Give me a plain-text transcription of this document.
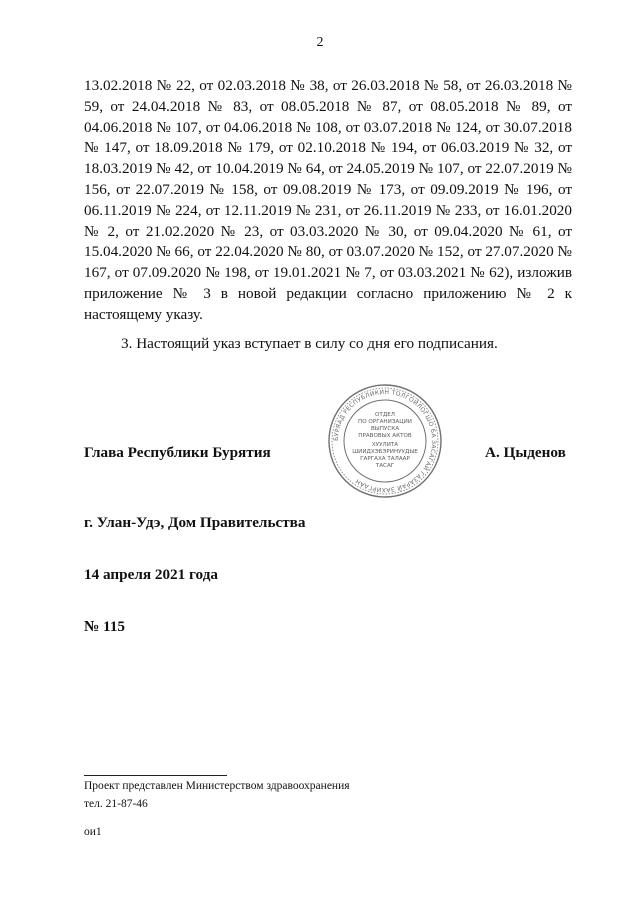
2

13.02.2018 № 22, от 02.03.2018 № 38, от 26.03.2018 № 58, от 26.03.2018 № 59, от 24.04.2018 № 83, от 08.05.2018 № 87, от 08.05.2018 № 89, от 04.06.2018 № 107, от 04.06.2018 № 108, от 03.07.2018 № 124, от 30.07.2018 № 147, от 18.09.2018 № 179, от 02.10.2018 № 194, от 06.03.2019 № 32, от 18.03.2019 № 42, от 10.04.2019 № 64, от 24.05.2019 № 107, от 22.07.2019 № 156, от 22.07.2019 № 158, от 09.08.2019 № 173, от 09.09.2019 № 196, от 06.11.2019 № 224, от 12.11.2019 № 231, от 26.11.2019 № 233, от 16.01.2020 № 2, от 21.02.2020 № 23, от 03.03.2020 № 30, от 09.04.2020 № 61, от 15.04.2020 № 66, от 22.04.2020 № 80, от 03.07.2020 № 152, от 27.07.2020 № 167, от 07.09.2020 № 198, от 19.01.2021 № 7, от 03.03.2021 № 62), изложив приложение № 3 в новой редакции согласно приложению № 2 к настоящему указу.

3. Настоящий указ вступает в силу со дня его подписания.

Глава Республики Бурятия
БУРЯАД РЕСПУБЛИКИН ТОЛГОЙЛОГШО БА ЗАСАГАЙ ГАЗАРАЙ ЗАХИРГААН
ОТДЕЛ
ПО ОРГАНИЗАЦИИ
ВЫПУСКА
ПРАВОВЫХ АКТОВ
ХУУЛИТА
ШИИДХЭБЭРИНУУДЫЕ
ГАРГАХА ТАЛААР
ТАСАГ
А. Цыденов
г. Улан-Удэ, Дом Правительства
14 апреля 2021 года
№ 115
Проект представлен Министерством здравоохранения
тел. 21-87-46
ои1
